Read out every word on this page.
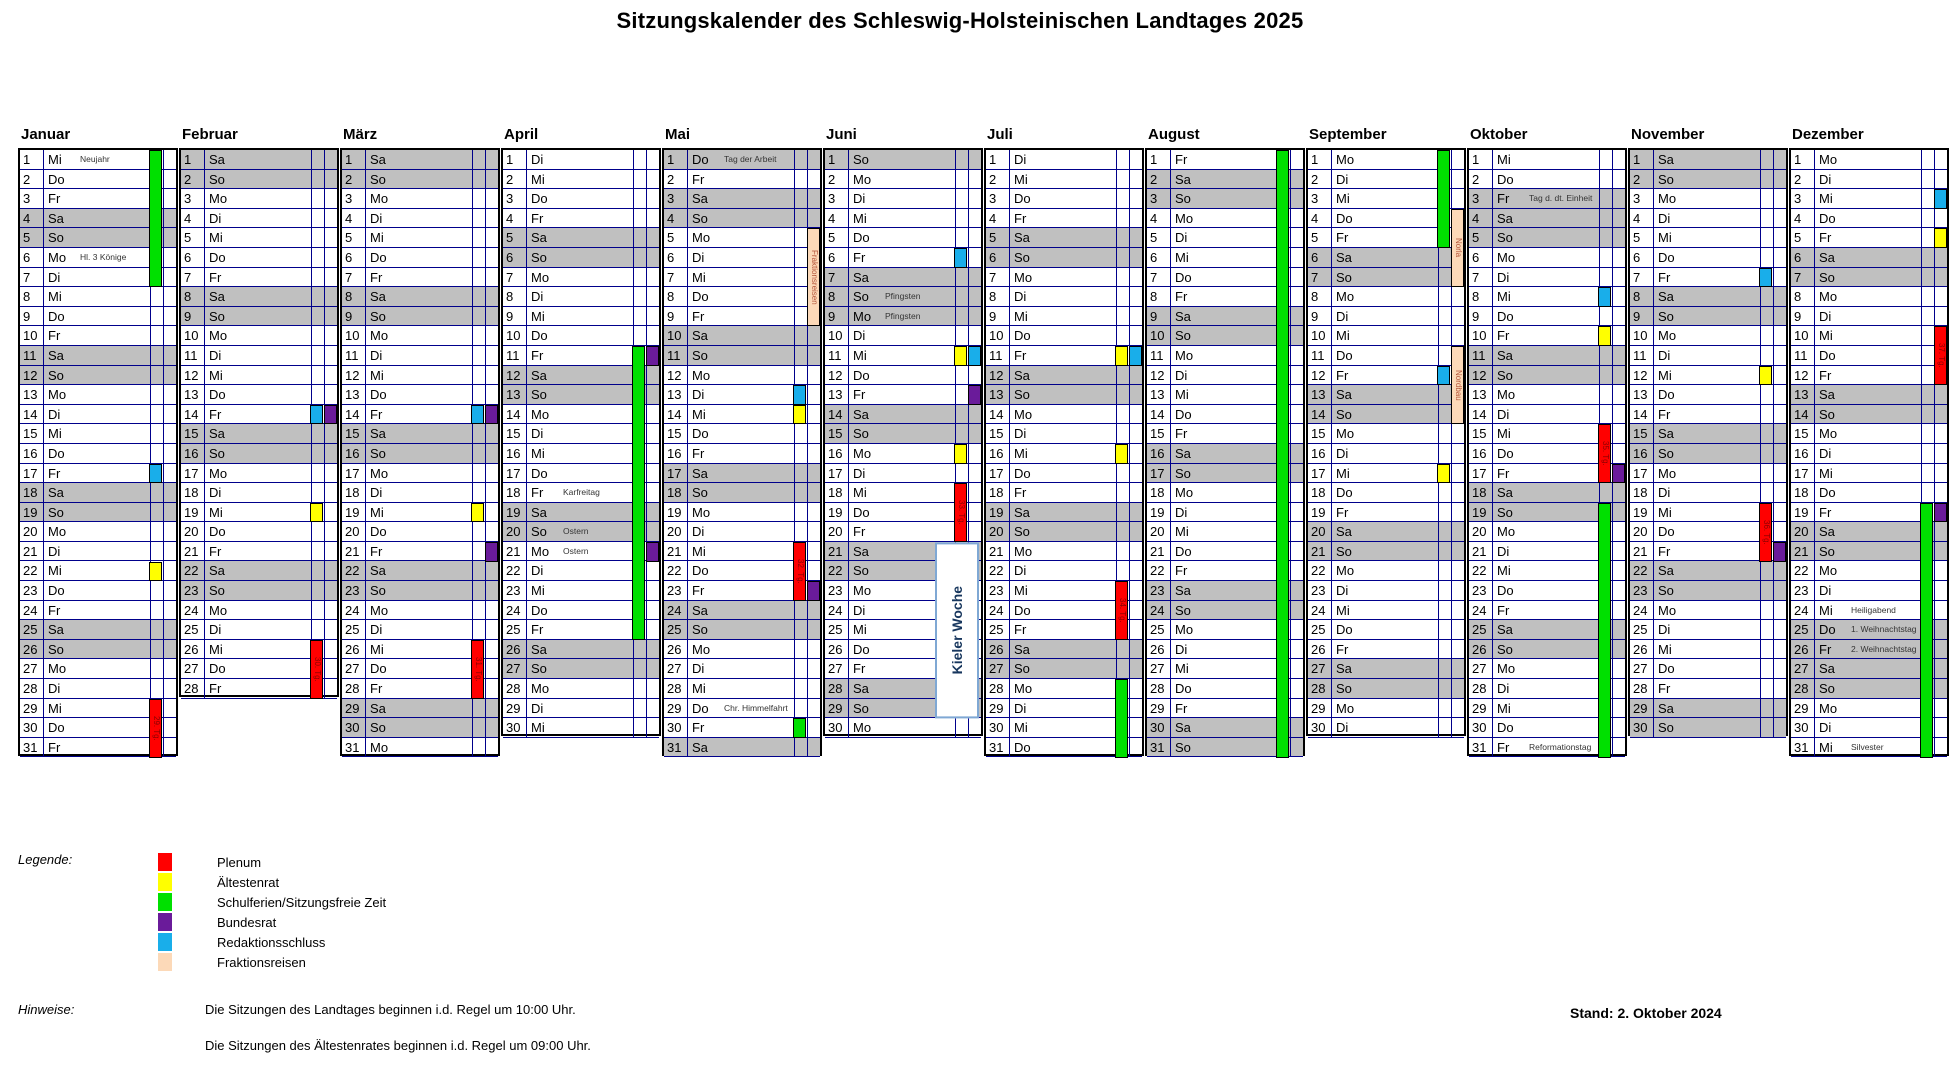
Sitzungskalender des Schleswig-Holsteinischen Landtages 2025
Januar
1	Mi	Neujahr
2	Do
3	Fr
4	Sa
5	So
6	Mo	Hl. 3 Könige
7	Di
8	Mi
9	Do
10 Fr
11 Sa
12 So
13 Mo
14 Di
15 Mi
16 Do
17 Fr
18 Sa
19 So
20 Mo
21 Di
22 Mi
23 Do
24 Fr
25 Sa
26 So
27 Mo
28 Di
29 Mi
30 Do
31 Fr
29. Tg.
Februar
1	Sa
2	So
3	Mo
4	Di
5	Mi
6	Do
7	Fr
8	Sa
9	So
10 Mo
11 Di
12 Mi
13 Do
14 Fr
15 Sa
16 So
17 Mo
18 Di
19 Mi
20 Do
21 Fr
22 Sa
23 So
24 Mo
25 Di
26 Mi
27 Do
28 Fr
30. Tg.
März
1	Sa
2	So
3	Mo
4	Di
5	Mi
6	Do
7	Fr
8	Sa
9	So
10 Mo
11 Di
12 Mi
13 Do
14 Fr
15 Sa
16 So
17 Mo
18 Di
19 Mi
20 Do
21 Fr
22 Sa
23 So
24 Mo
25 Di
26 Mi
27 Do
28 Fr
29 Sa
30 So
31 Mo
31. Tg.
April
1	Di
2	Mi
3	Do
4	Fr
5	Sa
6	So
7	Mo
8	Di
9	Mi
10 Do
11 Fr
12 Sa
13 So
14 Mo
15 Di
16 Mi
17 Do
18 Fr	Karfreitag
19 Sa
20 So	Ostern
21 Mo	Ostern
22 Di
23 Mi
24 Do
25 Fr
26 Sa
27 So
28 Mo
29 Di
30 Mi
Mai
1	Do	Tag der Arbeit
2	Fr
3	Sa
4	So
5	Mo
6	Di
7	Mi
8	Do
9	Fr
10 Sa
11 So
12 Mo
13 Di
14 Mi
15 Do
16 Fr
17 Sa
18 So
19 Mo
20 Di
21 Mi
22 Do
23 Fr
24 Sa
25 So
26 Mo
27 Di
28 Mi
29 Do	Chr. Himmelfahrt
30 Fr
31 Sa
Fraktionsreisen
32. Tg.
Juni
1	So
2	Mo
3	Di
4	Mi
5	Do
6	Fr
7	Sa
8	So	Pfingsten
9	Mo	Pfingsten
10 Di
11 Mi
12 Do
13 Fr
14 Sa
15 So
16 Mo
17 Di
18 Mi
19 Do
20 Fr
21 Sa
22 So
23 Mo
24 Di
25 Mi
26 Do
27 Fr
28 Sa
29 So
30 Mo
33. Tg.
Kieler Woche
Juli
1	Di
2	Mi
3	Do
4	Fr
5	Sa
6	So
7	Mo
8	Di
9	Mi
10 Do
11 Fr
12 Sa
13 So
14 Mo
15 Di
16 Mi
17 Do
18 Fr
19 Sa
20 So
21 Mo
22 Di
23 Mi
24 Do
25 Fr
26 Sa
27 So
28 Mo
29 Di
30 Mi
31 Do
34. Tg.
August
1	Fr
2	Sa
3	So
4	Mo
5	Di
6	Mi
7	Do
8	Fr
9	Sa
10 So
11 Mo
12 Di
13 Mi
14 Do
15 Fr
16 Sa
17 So
18 Mo
19 Di
20 Mi
21 Do
22 Fr
23 Sa
24 So
25 Mo
26 Di
27 Mi
28 Do
29 Fr
30 Sa
31 So
September
1	Mo
2	Di
3	Mi
4	Do
5	Fr
6	Sa
7	So
8	Mo
9	Di
10 Mi
11 Do
12 Fr
13 Sa
14 So
15 Mo
16 Di
17 Mi
18 Do
19 Fr
20 Sa
21 So
22 Mo
23 Di
24 Mi
25 Do
26 Fr
27 Sa
28 So
29 Mo
30 Di
Norla
Nordbau
Oktober
1	Mi
2	Do
3	Fr	Tag d. dt. Einheit
4	Sa
5	So
6	Mo
7	Di
8	Mi
9	Do
10 Fr
11 Sa
12 So
13 Mo
14 Di
15 Mi
16 Do
17 Fr
18 Sa
19 So
20 Mo
21 Di
22 Mi
23 Do
24 Fr
25 Sa
26 So
27 Mo
28 Di
29 Mi
30 Do
31 Fr	Reformationstag
35. Tg.
November
1	Sa
2	So
3	Mo
4	Di
5	Mi
6	Do
7	Fr
8	Sa
9	So
10 Mo
11 Di
12 Mi
13 Do
14 Fr
15 Sa
16 So
17 Mo
18 Di
19 Mi
20 Do
21 Fr
22 Sa
23 So
24 Mo
25 Di
26 Mi
27 Do
28 Fr
29 Sa
30 So
36. Tg.
Dezember
1	Mo
2	Di
3	Mi
4	Do
5	Fr
6	Sa
7	So
8	Mo
9	Di
10 Mi
11 Do
12 Fr
13 Sa
14 So
15 Mo
16 Di
17 Mi
18 Do
19 Fr
20 Sa
21 So
22 Mo
23 Di
24 Mi	Heiligabend
25 Do	1. Weihnachtstag
26 Fr	2. Weihnachtstag
27 Sa
28 So
29 Mo
30 Di
31 Mi	Silvester
37. Tg.
Legende:	Plenum
Ältestenrat
Schulferien/Sitzungsfreie Zeit
Bundesrat
Redaktionsschluss
Fraktionsreisen
Hinweise:	Die Sitzungen des Landtages beginnen i.d. Regel um 10:00 Uhr.
Die Sitzungen des Ältestenrates beginnen i.d. Regel um 09:00 Uhr.
Stand: 2. Oktober 2024
